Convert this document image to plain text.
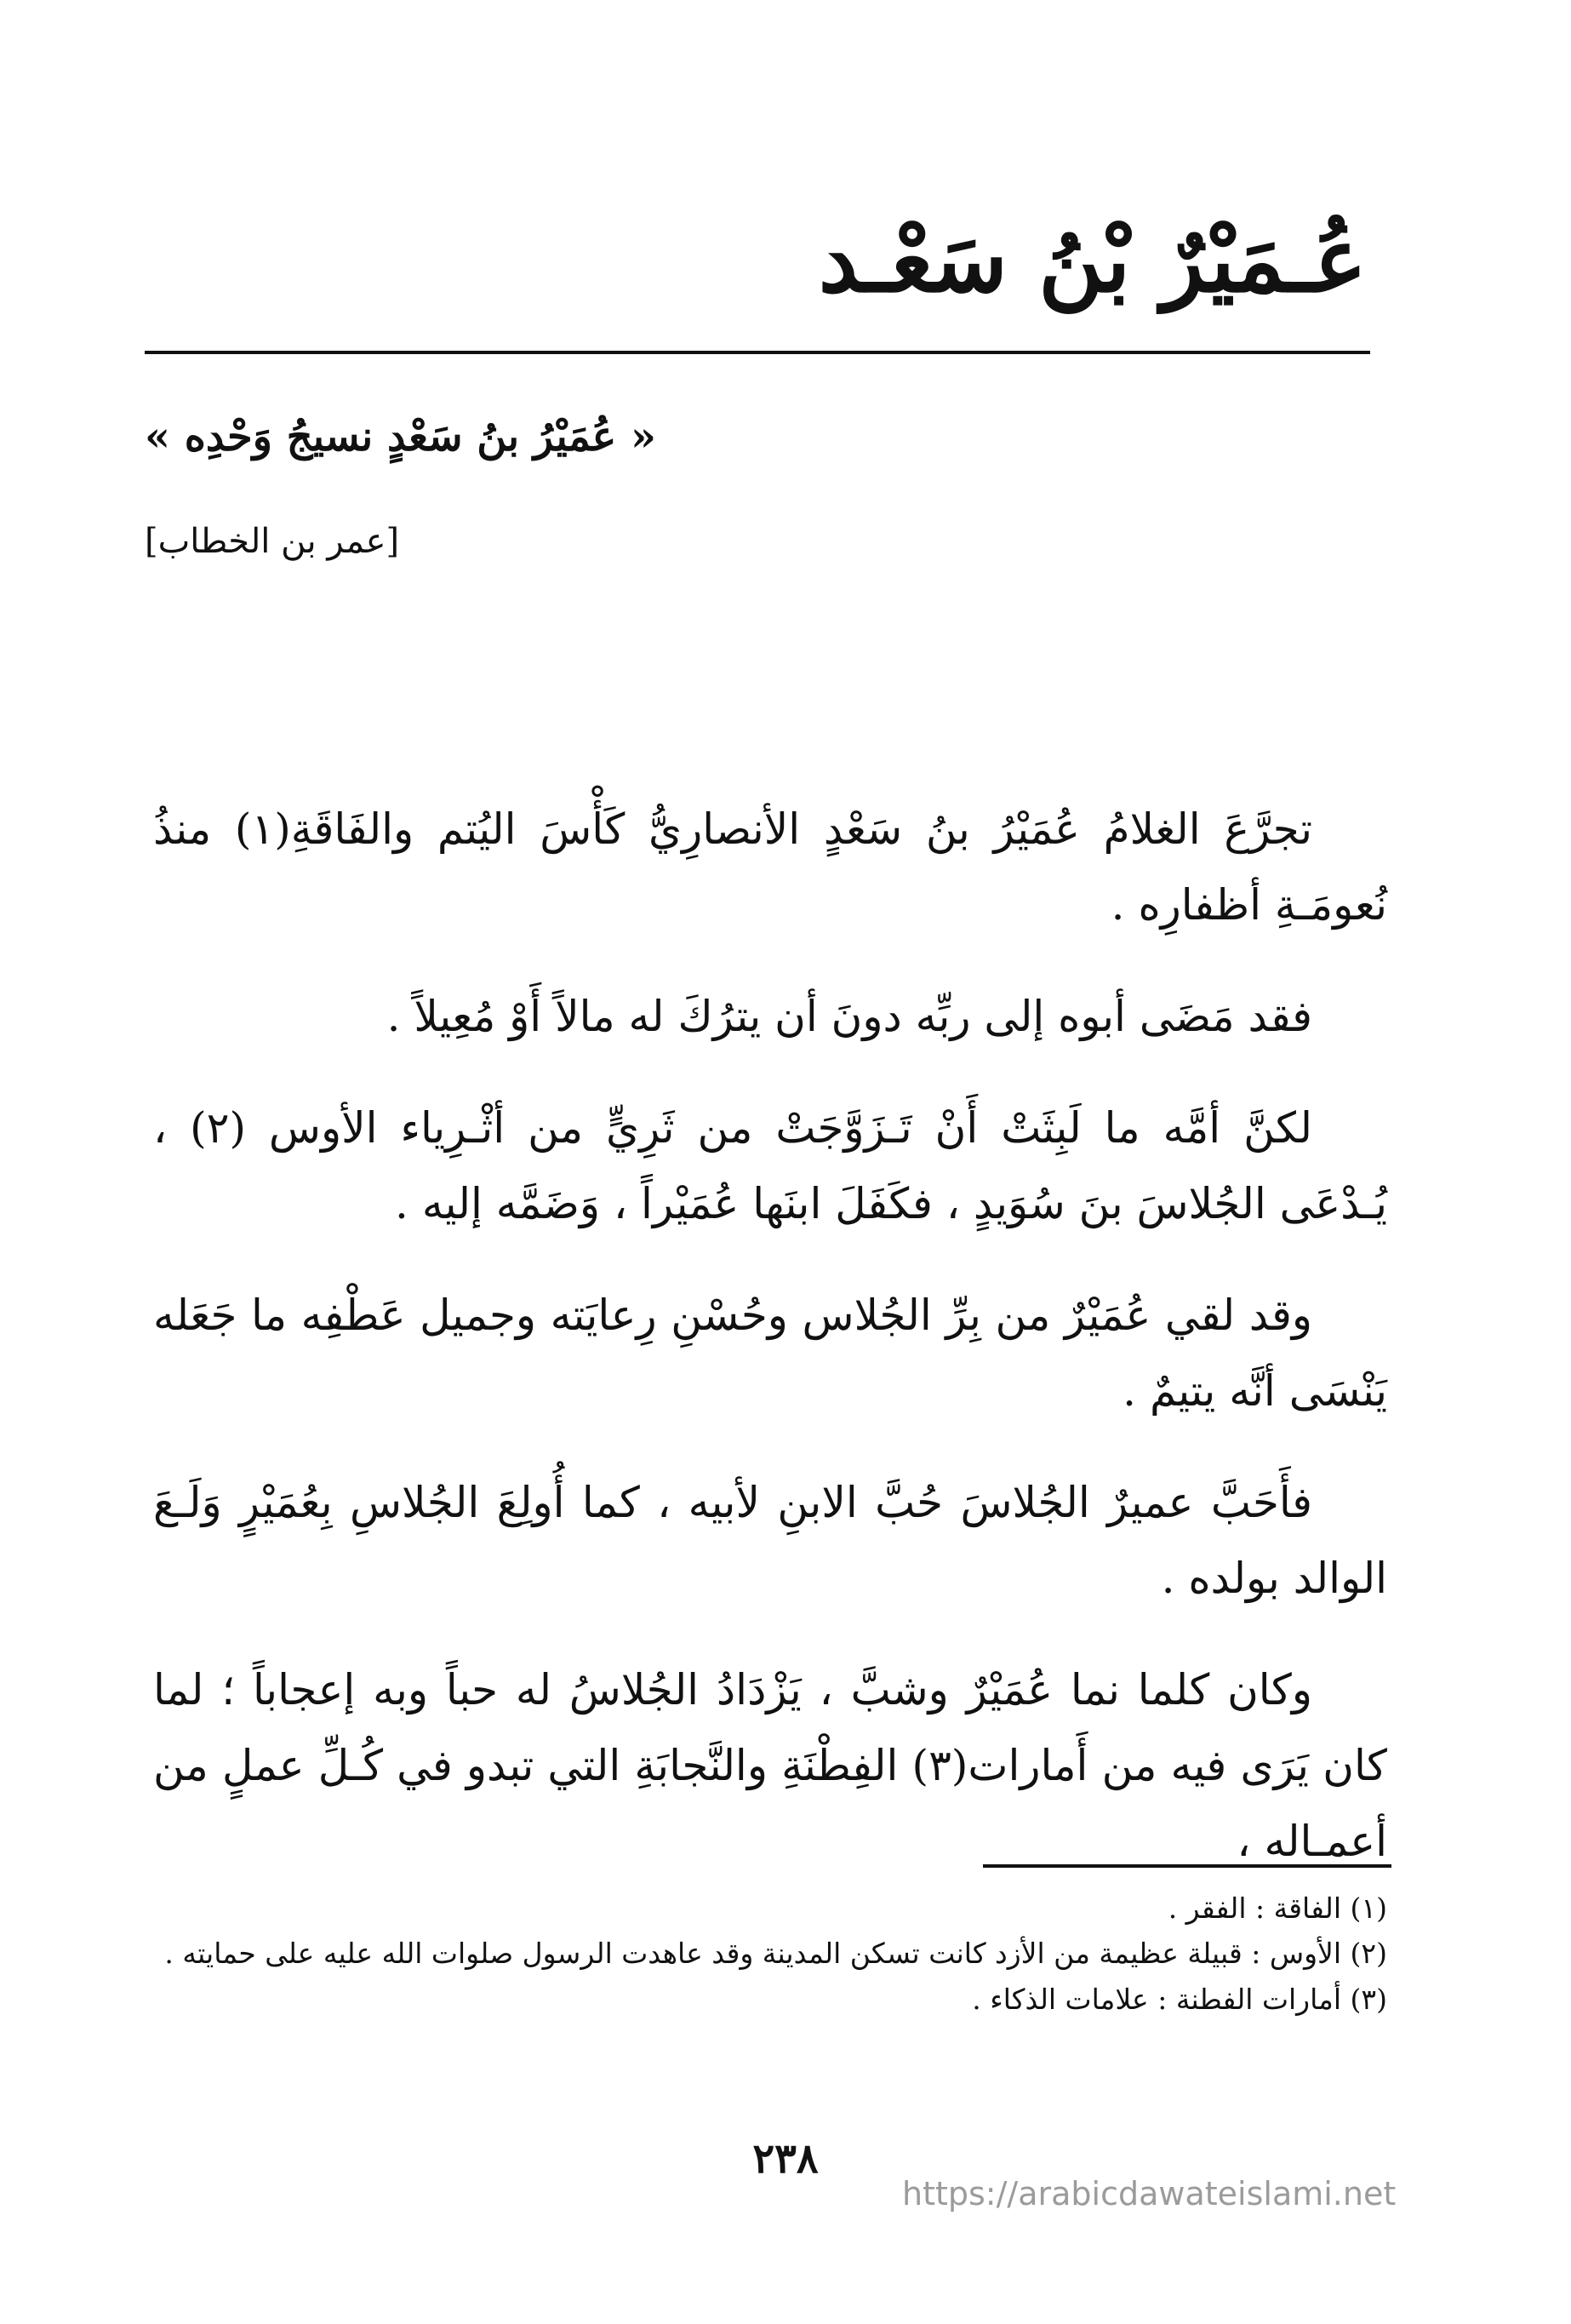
عُـمَيْرٌ بْنُ سَعْـد
« عُمَيْرُ بنُ سَعْدٍ نسيجُ وَحْدِه »
[عمر بن الخطاب]

تجرَّعَ الغلامُ عُمَيْرُ بنُ سَعْدٍ الأنصارِيُّ كَأْسَ اليُتم والفَاقَةِ(١) منذُ نُعومَـةِ أظفارِه .

فقد مَضَى أبوه إلى ربِّه دونَ أن يترُكَ له مالاً أَوْ مُعِيلاً .

لكنَّ أمَّه ما لَبِثَتْ أَنْ تَـزَوَّجَتْ من ثَرِيٍّ من أثْـرِياء الأوس (٢) ، يُـدْعَى الجُلاسَ بنَ سُوَيدٍ ، فكَفَلَ ابنَها عُمَيْراً ، وَضَمَّه إليه .

وقد لقي عُمَيْرٌ من بِرِّ الجُلاس وحُسْنِ رِعايَته وجميل عَطْفِه ما جَعَله يَنْسَى أنَّه يتيمٌ .

فأَحَبَّ عميرٌ الجُلاسَ حُبَّ الابنِ لأبيه ، كما أُولِعَ الجُلاسِ بِعُمَيْرٍ وَلَـعَ الوالد بولده .

وكان كلما نما عُمَيْرٌ وشبَّ ، يَزْدَادُ الجُلاسُ له حباً وبه إعجاباً ؛ لما كان يَرَى فيه من أَمارات(٣) الفِطْنَةِ والنَّجابَةِ التي تبدو في كُـلِّ عملٍ من أعمـاله ،

(١) الفاقة : الفقر .
(٢) الأوس : قبيلة عظيمة من الأزد كانت تسكن المدينة وقد عاهدت الرسول صلوات الله عليه على حمايته .
(٣) أمارات الفطنة : علامات الذكاء .
٢٣٨
https://arabicdawateislami.net
